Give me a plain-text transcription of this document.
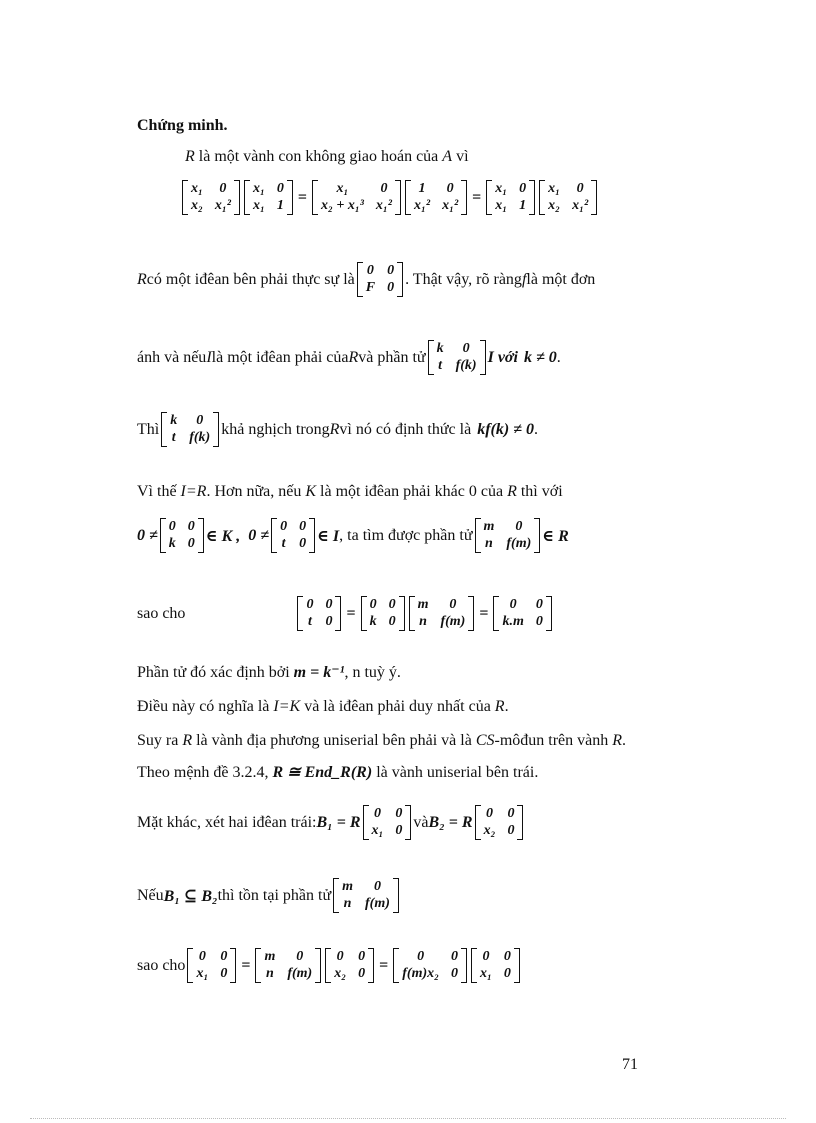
Chứng minh.
R là một vành con không giao hoán của A vì
x₁ 0
x₂ x₁²
x₁ 0
x₁ 1 = x₁ 0
x₂ + x₁³ x₁²
1 0
x₁² x₁² = x₁ 0
x₁ 1
x₁ 0
x₂ x₁²
R có một iđêan bên phải thực sự là 0 0
F 0 . Thật vậy, rõ ràng f là một đơn
ánh và nếu I là một iđêan phải của R và phần tử k 0
t f(k) I với k ≠ 0 .
Thì k 0
t f(k) khả nghịch trong R vì nó có định thức là kf(k) ≠ 0 .
Vì thế I=R. Hơn nữa, nếu K là một iđêan phải khác 0 của R thì với
0 ≠ 0 0
k 0 ∈ K , 0 ≠ 0 0
t 0 ∈ I , ta tìm được phần tử m 0
n f(m) ∈ R
sao cho	0 0
t 0 = 0 0
k 0
m 0
n f(m) = 0 0
k.m 0
Phần tử đó xác định bởi m = k⁻¹, n tuỳ ý.
Điều này có nghĩa là I=K và là iđêan phải duy nhất của R.
Suy ra R là vành địa phương uniserial bên phải và là CS-môđun trên vành R.
Theo mệnh đề 3.2.4, R ≅ End_R(R) là vành uniserial bên trái.
Mặt khác, xét hai iđêan trái: B₁ = R 0 0
x₁ 0 và B₂ = R 0 0
x₂ 0
Nếu B₁ ⊆ B₂ thì tồn tại phần tử m 0
n f(m)
sao cho 0 0
x₁ 0 = m 0
n f(m)
0 0
x₂ 0 = 0 0
f(m)x₂ 0
0 0
x₁ 0
71
